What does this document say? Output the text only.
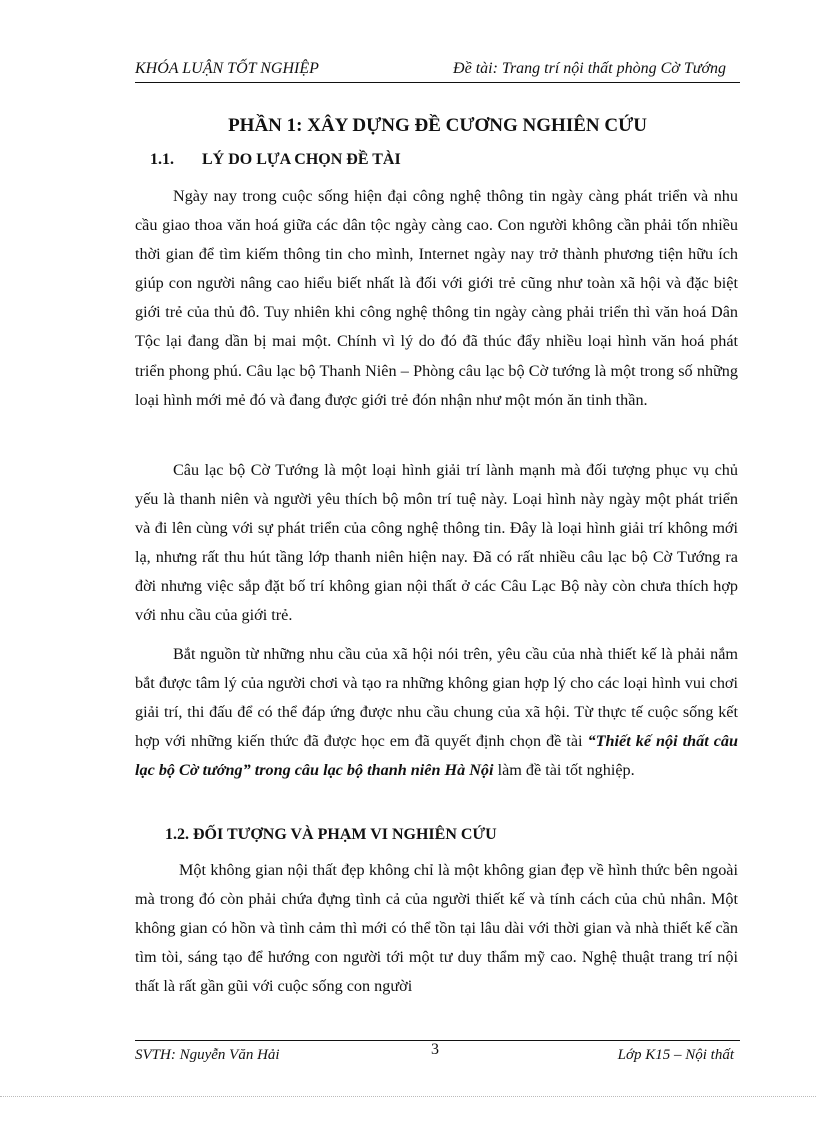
KHÓA LUẬN TỐT NGHIỆP	Đề tài: Trang trí nội thất phòng Cờ Tướng
PHẦN 1: XÂY DỰNG ĐỀ CƯƠNG NGHIÊN CỨU
1.1. LÝ DO LỰA CHỌN ĐỀ TÀI

Ngày nay trong cuộc sống hiện đại công nghệ thông tin ngày càng phát triển và nhu cầu giao thoa văn hoá giữa các dân tộc ngày càng cao. Con người không cần phải tốn nhiều thời gian để tìm kiếm thông tin cho mình, Internet ngày nay trở thành phương tiện hữu ích giúp con người nâng cao hiểu biết nhất là đối với giới trẻ cũng như toàn xã hội và đặc biệt giới trẻ của thủ đô. Tuy nhiên khi công nghệ thông tin ngày càng phải triển thì văn hoá Dân Tộc lại đang dần bị mai một. Chính vì lý do đó đã thúc đẩy nhiều loại hình văn hoá phát triển phong phú. Câu lạc bộ Thanh Niên – Phòng câu lạc bộ Cờ tướng là một trong số những loại hình mới mẻ đó và đang được giới trẻ đón nhận như một món ăn tinh thần.

Câu lạc bộ Cờ Tướng là một loại hình giải trí lành mạnh mà đối tượng phục vụ chủ yếu là thanh niên và người yêu thích bộ môn trí tuệ này. Loại hình này ngày một phát triển và đi lên cùng với sự phát triển của công nghệ thông tin. Đây là loại hình giải trí không mới lạ, nhưng rất thu hút tầng lớp thanh niên hiện nay. Đã có rất nhiều câu lạc bộ Cờ Tướng ra đời nhưng việc sắp đặt bố trí không gian nội thất ở các Câu Lạc Bộ này còn chưa thích hợp với nhu cầu của giới trẻ.

Bắt nguồn từ những nhu cầu của xã hội nói trên, yêu cầu của nhà thiết kế là phải nắm bắt được tâm lý của người chơi và tạo ra những không gian hợp lý cho các loại hình vui chơi giải trí, thi đấu để có thể đáp ứng được nhu cầu chung của xã hội. Từ thực tế cuộc sống kết hợp với những kiến thức đã được học em đã quyết định chọn đề tài “Thiết kế nội thất câu lạc bộ Cờ tướng” trong câu lạc bộ thanh niên Hà Nội làm đề tài tốt nghiệp.

1.2. ĐỐI TƯỢNG VÀ PHẠM VI NGHIÊN CỨU

Một không gian nội thất đẹp không chỉ là một không gian đẹp về hình thức bên ngoài mà trong đó còn phải chứa đựng tình cả của người thiết kế và tính cách của chủ nhân. Một không gian có hồn và tình cảm thì mới có thể tồn tại lâu dài với thời gian và nhà thiết kế cần tìm tòi, sáng tạo để hướng con người tới một tư duy thẩm mỹ cao. Nghệ thuật trang trí nội thất là rất gần gũi với cuộc sống con người

SVTH: Nguyễn Văn Hải	3	Lớp K15 – Nội thất
